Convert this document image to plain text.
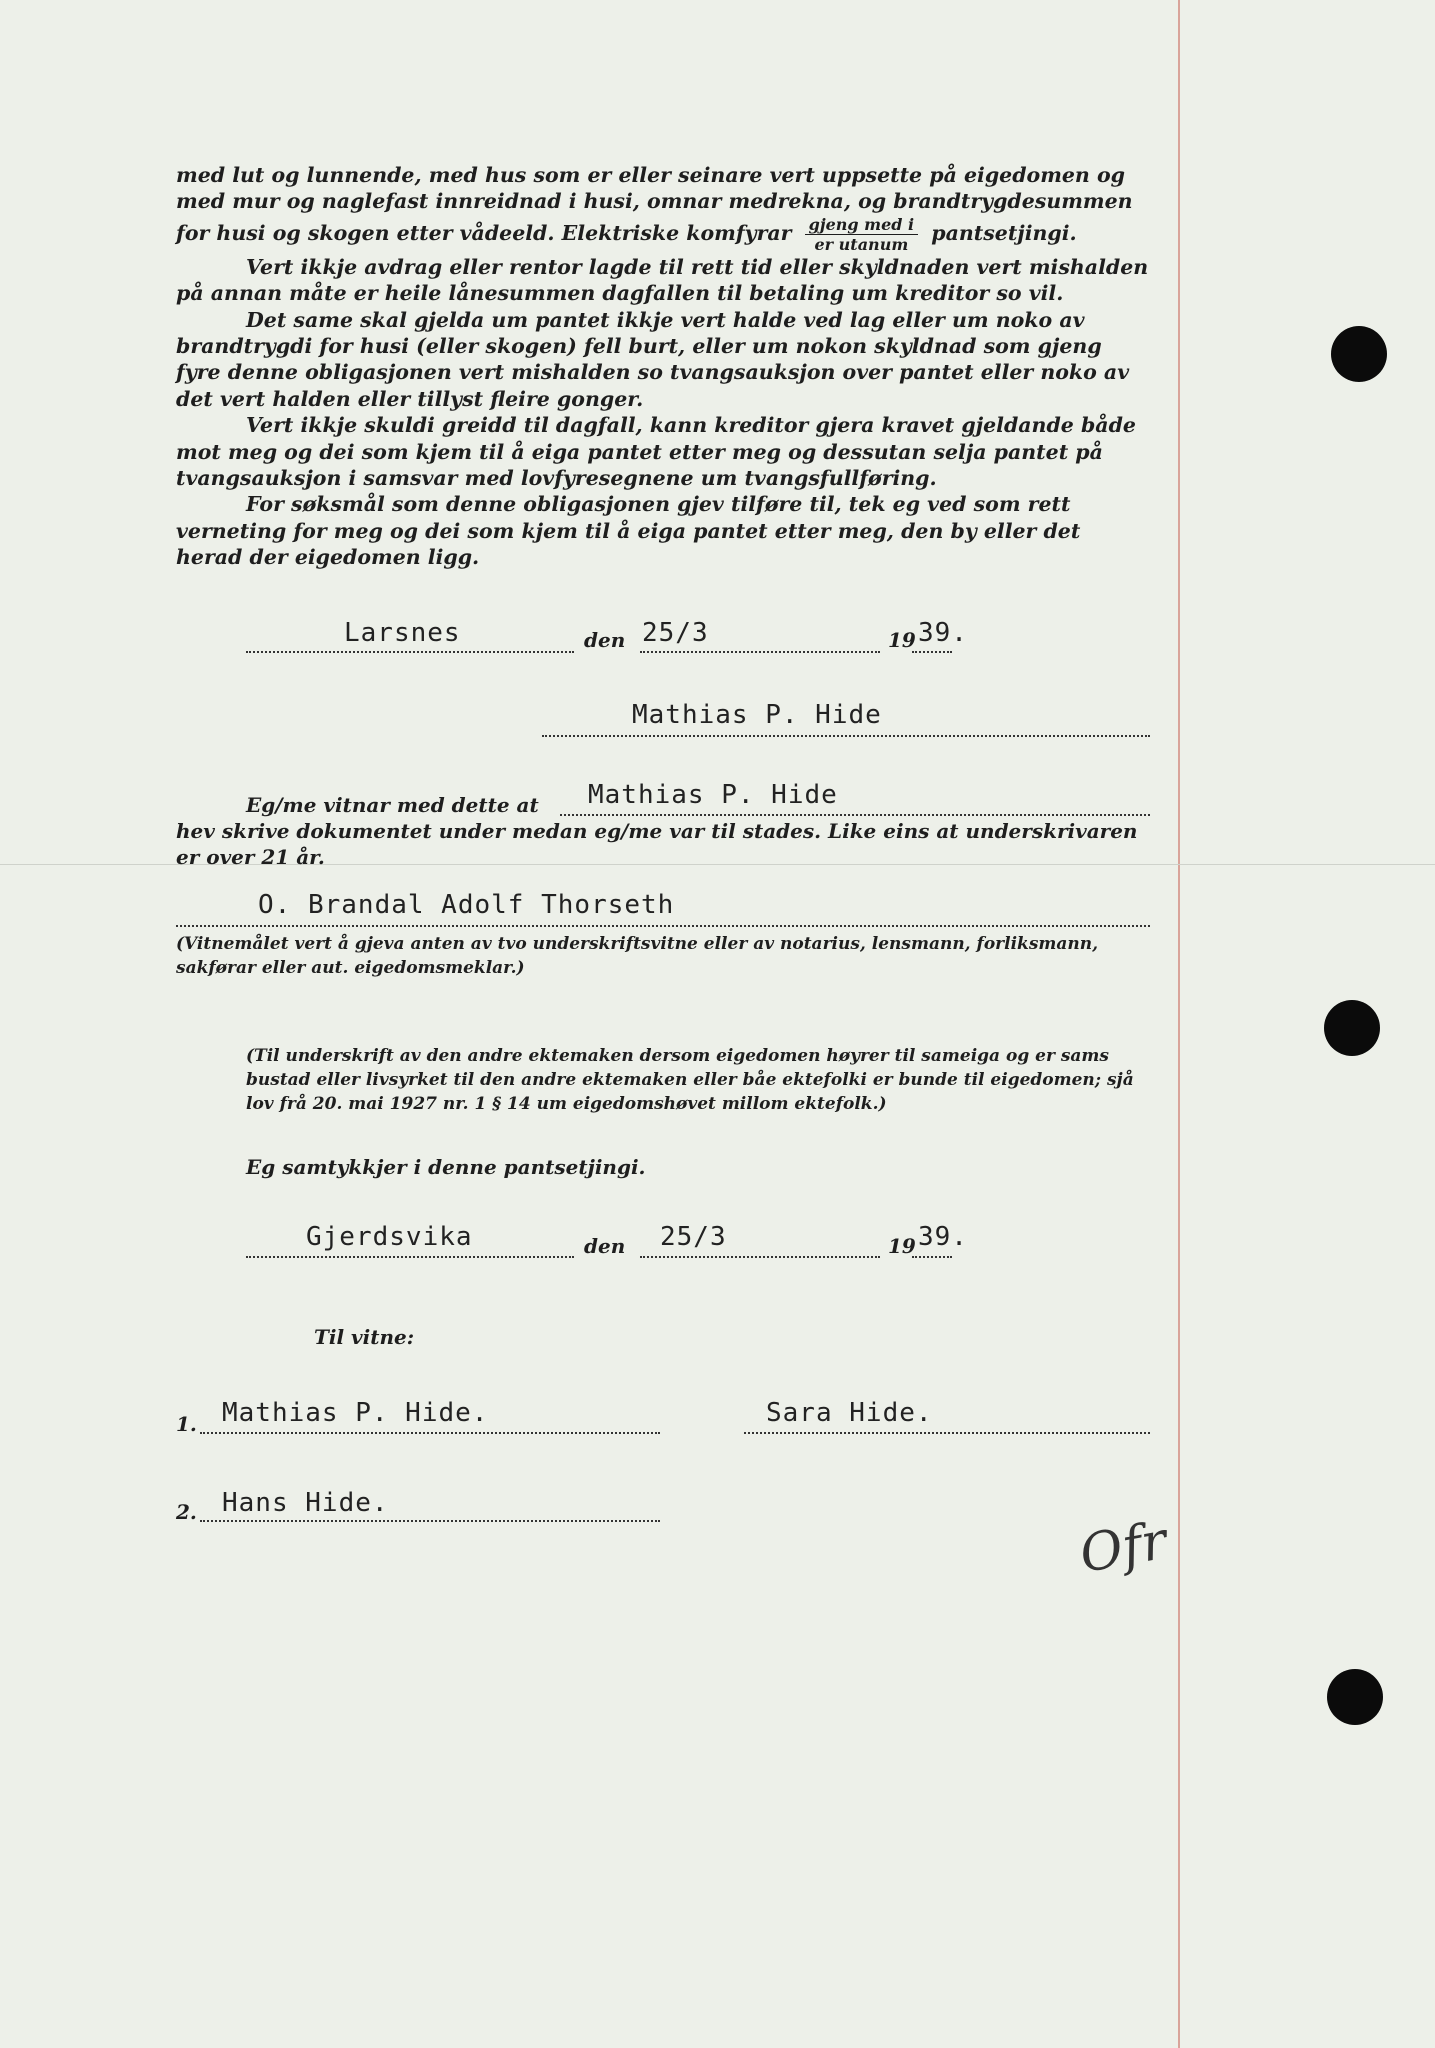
med lut og lunnende, med hus som er eller seinare vert uppsette på eigedomen og med mur og naglefast innreidnad i husi, omnar medrekna, og brandtrygdesummen for husi og skogen etter vådeeld. Elektriske komfyrar $\frac{\text{gjeng med i}}{\text{er utanum}}$ pantsetjingi.

Vert ikkje avdrag eller rentor lagde til rett tid eller skyldnaden vert mishalden på annan måte er heile lånesummen dagfallen til betaling um kreditor so vil.

Det same skal gjelda um pantet ikkje vert halde ved lag eller um noko av brandtrygdi for husi (eller skogen) fell burt, eller um nokon skyldnad som gjeng fyre denne obligasjonen vert mishalden so tvangsauksjon over pantet eller noko av det vert halden eller tillyst fleire gonger.

Vert ikkje skuldi greidd til dagfall, kann kreditor gjera kravet gjeldande både mot meg og dei som kjem til å eiga pantet etter meg og dessutan selja pantet på tvangsauksjon i samsvar med lovfyresegnene um tvangsfullføring.

For søksmål som denne obligasjonen gjev tilføre til, tek eg ved som rett verneting for meg og dei som kjem til å eiga pantet etter meg, den by eller det herad der eigedomen ligg.

Larsnes	den 25/3	19 39.
Mathias P. Hide
Eg/me vitnar med dette at Mathias P. Hide
hev skrive dokumentet under medan eg/me var til stades. Like eins at underskrivaren er over 21 år.
O. Brandal Adolf Thorseth
(Vitnemålet vert å gjeva anten av tvo underskriftsvitne eller av notarius, lensmann, forliksmann, sakførar eller aut. eigedomsmeklar.)
(Til underskrift av den andre ektemaken dersom eigedomen høyrer til sameiga og er sams bustad eller livsyrket til den andre ektemaken eller båe ektefolki er bunde til eigedomen; sjå lov frå 20. mai 1927 nr. 1 § 14 um eigedomshøvet millom ektefolk.)
Eg samtykkjer i denne pantsetjingi.
Gjerdsvika	den 25/3	19 39.
Til vitne:
1. Mathias P. Hide.	Sara Hide.
2. Hans Hide.
Ofr
